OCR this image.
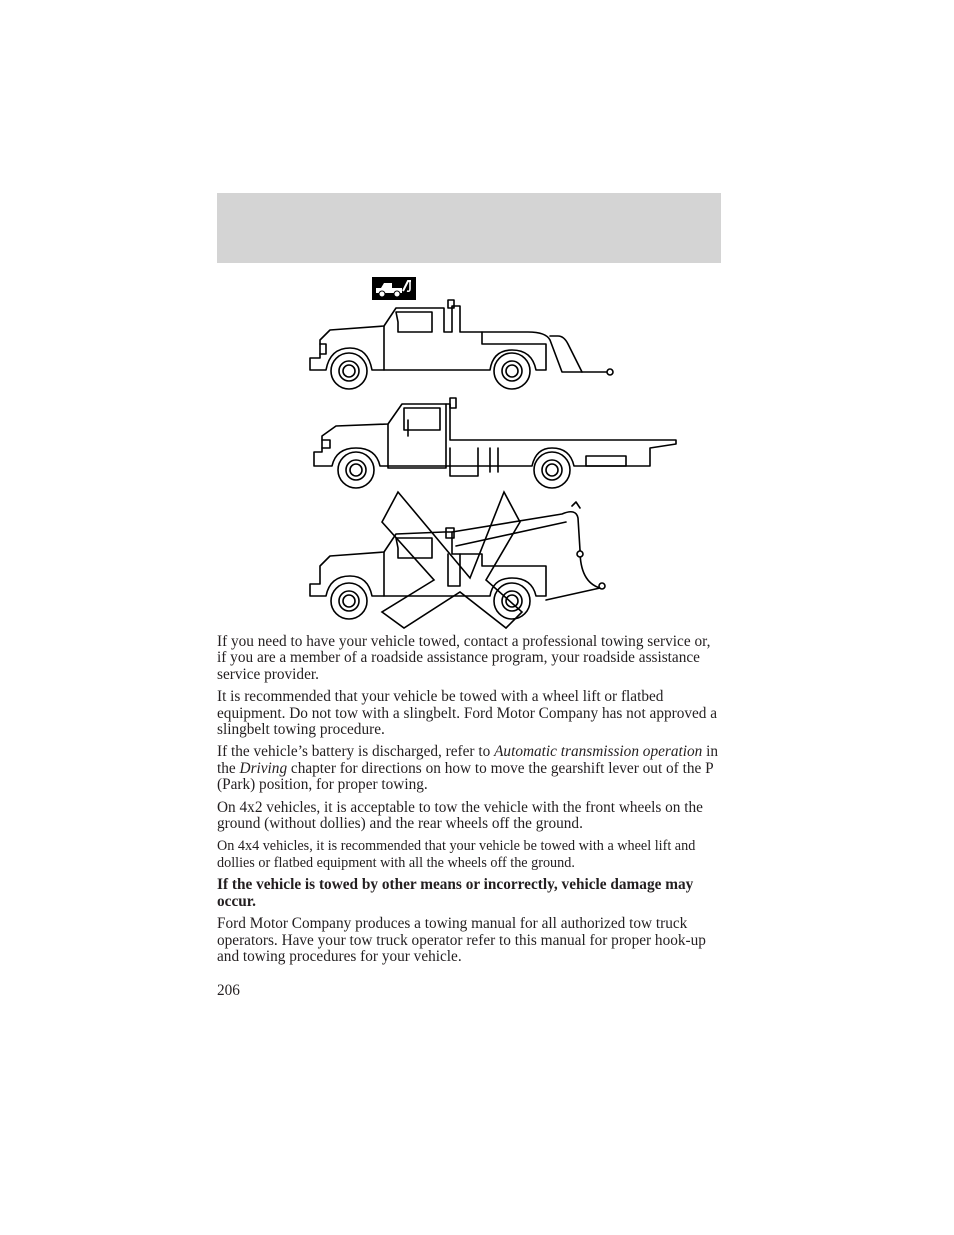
If you need to have your vehicle towed, contact a professional towing service or, if you are a member of a roadside assistance program, your roadside assistance service provider.

It is recommended that your vehicle be towed with a wheel lift or flatbed equipment. Do not tow with a slingbelt. Ford Motor Company has not approved a slingbelt towing procedure.

If the vehicle’s battery is discharged, refer to Automatic transmission operation in the Driving chapter for directions on how to move the gearshift lever out of the P (Park) position, for proper towing.

On 4x2 vehicles, it is acceptable to tow the vehicle with the front wheels on the ground (without dollies) and the rear wheels off the ground.

On 4x4 vehicles, it is recommended that your vehicle be towed with a wheel lift and dollies or flatbed equipment with all the wheels off the ground.

If the vehicle is towed by other means or incorrectly, vehicle damage may occur.

Ford Motor Company produces a towing manual for all authorized tow truck operators. Have your tow truck operator refer to this manual for proper hook-up and towing procedures for your vehicle.

206
